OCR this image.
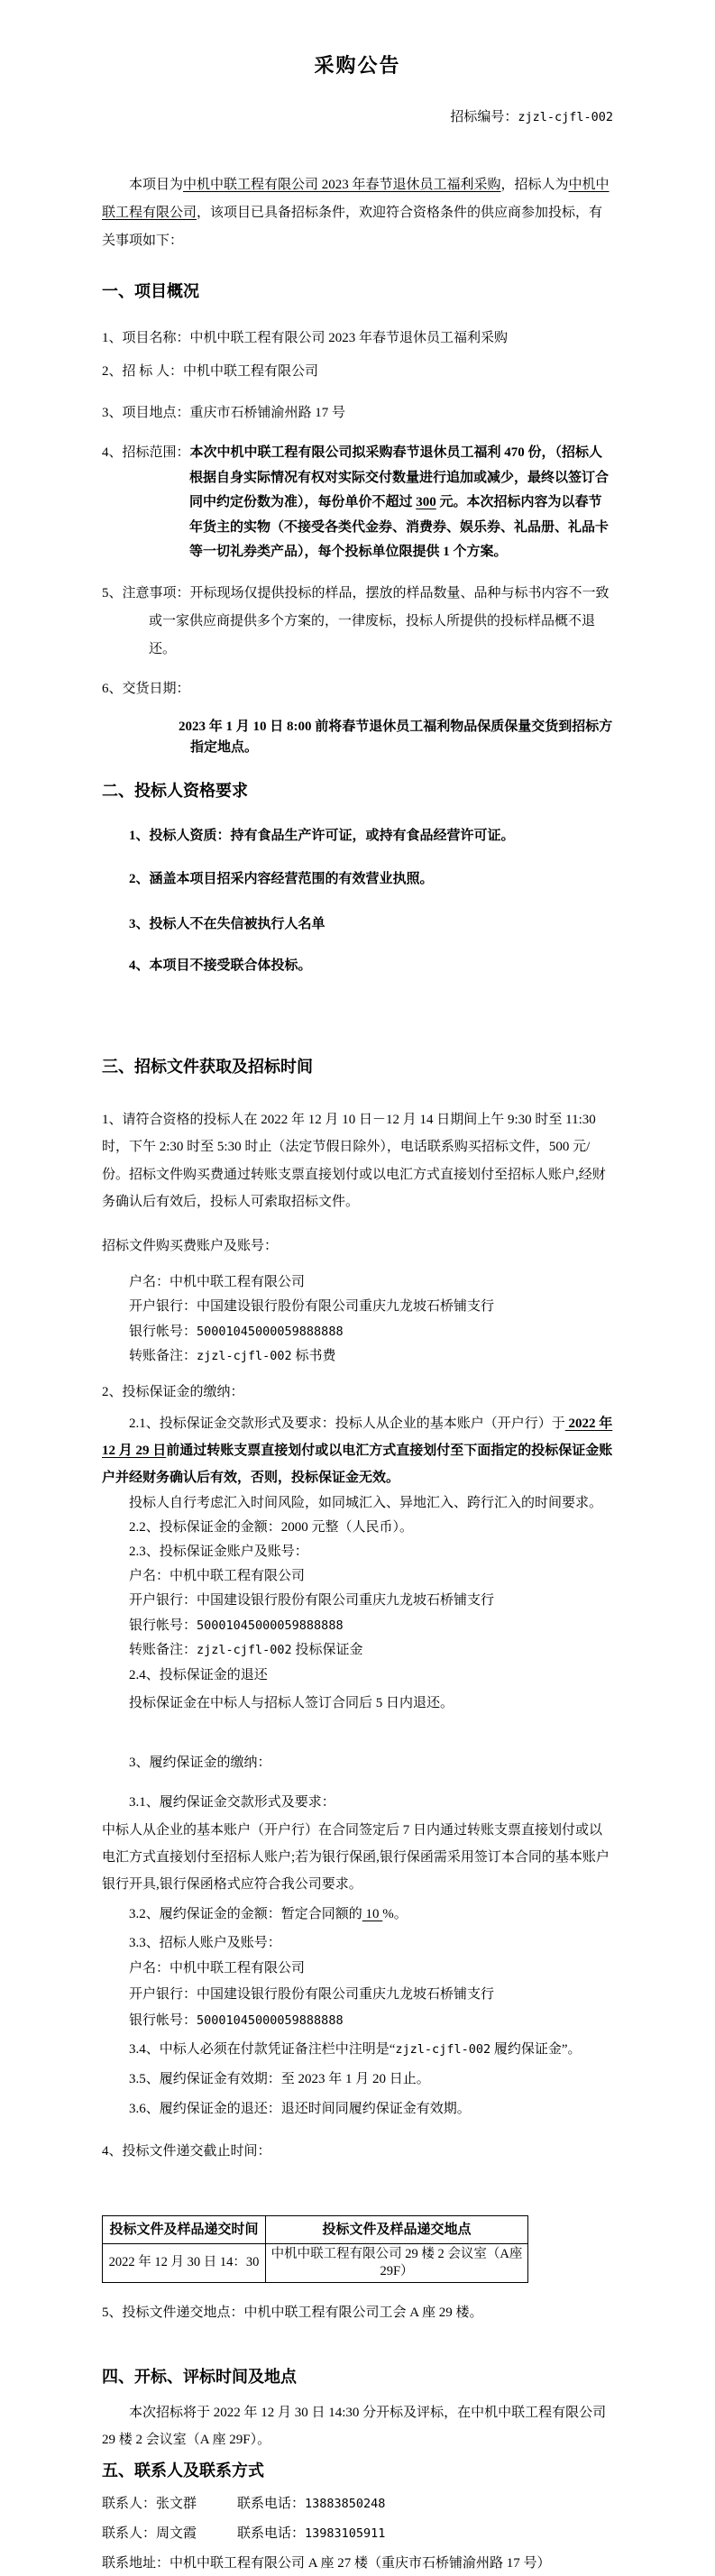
采购公告

招标编号：zjzl-cjfl-002

本项目为中机中联工程有限公司 2023 年春节退休员工福利采购，招标人为中机中联工程有限公司，该项目已具备招标条件，欢迎符合资格条件的供应商参加投标，有关事项如下：

一、项目概况

1、项目名称：中机中联工程有限公司 2023 年春节退休员工福利采购

2、招 标 人：中机中联工程有限公司

3、项目地点：重庆市石桥铺渝州路 17 号

4、招标范围：本次中机中联工程有限公司拟采购春节退休员工福利 470 份，（招标人根据自身实际情况有权对实际交付数量进行追加或减少，最终以签订合同中约定份数为准），每份单价不超过 300 元。本次招标内容为以春节年货主的实物（不接受各类代金券、消费券、娱乐券、礼品册、礼品卡等一切礼券类产品），每个投标单位限提供 1 个方案。

5、注意事项：开标现场仅提供投标的样品，摆放的样品数量、品种与标书内容不一致或一家供应商提供多个方案的，一律废标，投标人所提供的投标样品概不退还。

6、交货日期：

2023 年 1 月 10 日 8:00 前将春节退休员工福利物品保质保量交货到招标方指定地点。

二、投标人资格要求

1、投标人资质：持有食品生产许可证，或持有食品经营许可证。

2、涵盖本项目招采内容经营范围的有效营业执照。

3、投标人不在失信被执行人名单

4、本项目不接受联合体投标。

三、招标文件获取及招标时间

1、请符合资格的投标人在 2022 年 12 月 10 日－12 月 14 日期间上午 9:30 时至 11:30 时，下午 2:30 时至 5:30 时止（法定节假日除外），电话联系购买招标文件，500 元/份。招标文件购买费通过转账支票直接划付或以电汇方式直接划付至招标人账户,经财务确认后有效后，投标人可索取招标文件。

招标文件购买费账户及账号：

户名：中机中联工程有限公司

开户银行：中国建设银行股份有限公司重庆九龙坡石桥铺支行

银行帐号：50001045000059888888

转账备注：zjzl-cjfl-002 标书费

2、投标保证金的缴纳：

2.1、投标保证金交款形式及要求：投标人从企业的基本账户（开户行）于 2022 年 12 月 29 日前通过转账支票直接划付或以电汇方式直接划付至下面指定的投标保证金账户并经财务确认后有效，否则，投标保证金无效。

投标人自行考虑汇入时间风险，如同城汇入、异地汇入、跨行汇入的时间要求。

2.2、投标保证金的金额：2000 元整（人民币）。

2.3、投标保证金账户及账号：

户名：中机中联工程有限公司

开户银行：中国建设银行股份有限公司重庆九龙坡石桥铺支行

银行帐号：50001045000059888888

转账备注：zjzl-cjfl-002 投标保证金

2.4、投标保证金的退还

投标保证金在中标人与招标人签订合同后 5 日内退还。

3、履约保证金的缴纳：

3.1、履约保证金交款形式及要求：

中标人从企业的基本账户（开户行）在合同签定后 7 日内通过转账支票直接划付或以电汇方式直接划付至招标人账户;若为银行保函,银行保函需采用签订本合同的基本账户银行开具,银行保函格式应符合我公司要求。

3.2、履约保证金的金额：暂定合同额的 10 %。

3.3、招标人账户及账号：

户名：中机中联工程有限公司

开户银行：中国建设银行股份有限公司重庆九龙坡石桥铺支行

银行帐号：50001045000059888888

3.4、中标人必须在付款凭证备注栏中注明是“zjzl-cjfl-002 履约保证金”。

3.5、履约保证金有效期：至 2023 年 1 月 20 日止。

3.6、履约保证金的退还：退还时间同履约保证金有效期。

4、投标文件递交截止时间：

投标文件及样品递交时间	投标文件及样品递交地点
2022 年 12 月 30 日 14：30	中机中联工程有限公司 29 楼 2 会议室（A座 29F）

5、投标文件递交地点：中机中联工程有限公司工会 A 座 29 楼。

四、开标、评标时间及地点

本次招标将于 2022 年 12 月 30 日 14:30 分开标及评标，在中机中联工程有限公司 29 楼 2 会议室（A 座 29F）。

五、联系人及联系方式

联系人：张文群	联系电话：13883850248

联系人：周文霞	联系电话：13983105911

联系地址：中机中联工程有限公司 A 座 27 楼（重庆市石桥铺渝州路 17 号）
